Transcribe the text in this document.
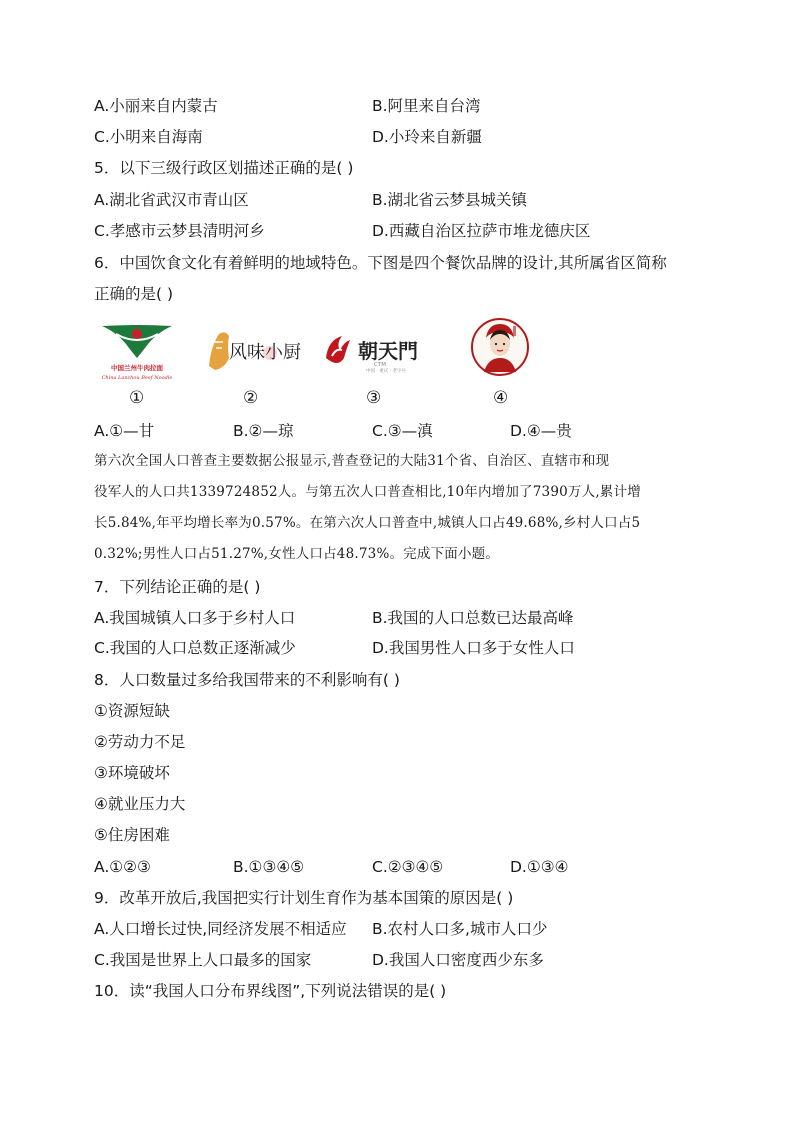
A.小丽来自内蒙古	B.阿里来自台湾
C.小明来自海南	D.小玲来自新疆
5．以下三级行政区划描述正确的是( )
A.湖北省武汉市青山区	B.湖北省云梦县城关镇
C.孝感市云梦县清明河乡	D.西藏自治区拉萨市堆龙德庆区
6．中国饮食文化有着鲜明的地域特色。下图是四个餐饮品牌的设计,其所属省区简称
正确的是( )
中国兰州牛肉拉面
China Lanzhou Beef Noodle
风味小厨	朝天門
CTM
中国 · 重庆 · 老字号
①	②	③	④
A.①—甘	B.②—琼	C.③—滇	D.④—贵
第六次全国人口普查主要数据公报显示,普查登记的大陆31个省、自治区、直辖市和现
役军人的人口共1339724852人。与第五次人口普查相比,10年内增加了7390万人,累计增
长5.84%,年平均增长率为0.57%。在第六次人口普查中,城镇人口占49.68%,乡村人口占5
0.32%;男性人口占51.27%,女性人口占48.73%。完成下面小题。
7．下列结论正确的是( )
A.我国城镇人口多于乡村人口	B.我国的人口总数已达最高峰
C.我国的人口总数正逐渐减少	D.我国男性人口多于女性人口
8．人口数量过多给我国带来的不利影响有( )
①资源短缺
②劳动力不足
③环境破坏
④就业压力大
⑤住房困难
A.①②③	B.①③④⑤	C.②③④⑤	D.①③④
9．改革开放后,我国把实行计划生育作为基本国策的原因是( )
A.人口增长过快,同经济发展不相适应 B.农村人口多,城市人口少
C.我国是世界上人口最多的国家	D.我国人口密度西少东多
10．读“我国人口分布界线图”,下列说法错误的是( )
